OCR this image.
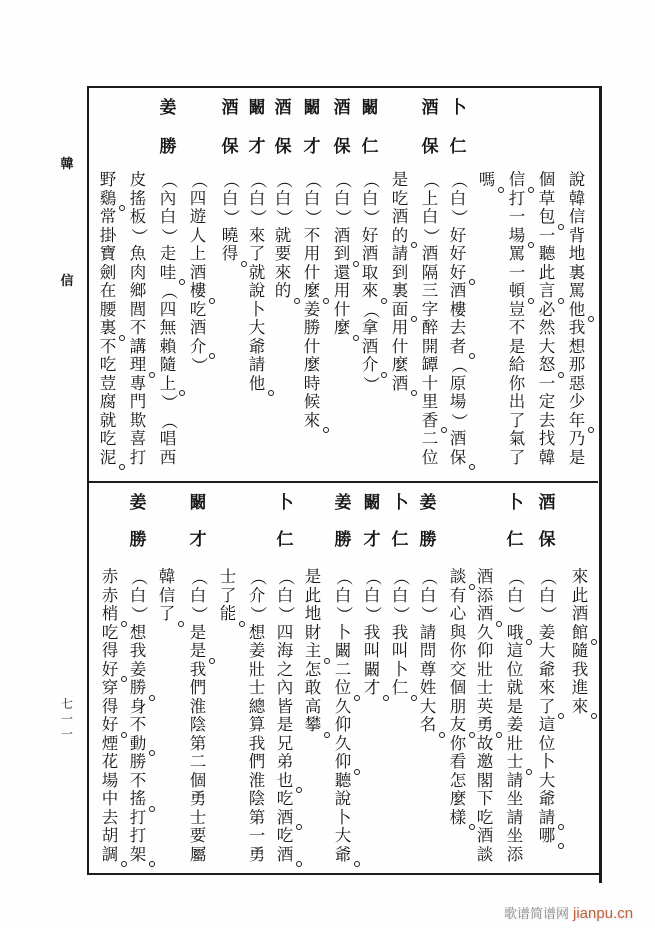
韓
信
七
一
一
說
韓
信
背
地
裏
罵
他
我
想
那
惡
少
年
乃
是
個
草
包
一
聽
此
言
必
然
大
怒
一
定
去
找
韓
信
打
一
場
罵
一
頓
豈
不
是
給
你
出
了
氣
了
嗎
卜
仁
（
白
）
好
好
好
酒
樓
去
者
（
原
場
）
酒
保
酒
保
（
上
白
）
酒
隔
三
字
醉
開
罈
十
里
香
二
位
是
吃
酒
的
請
到
裏
面
用
什
麼
酒
闞
仁
（
白
）
好
酒
取
來
（
拿
酒
介
）
酒
保
（
白
）
酒
到
還
用
什
麼
闞
才
（
白
）
不
用
什
麼
姜
勝
什
麼
時
候
來
酒
保
（
白
）
就
要
來
的
闞
才
（
白
）
來
了
就
說
卜
大
爺
請
他
酒
保
（
白
）
曉
得
（
四
遊
人
上
酒
樓
吃
酒
介
）
姜
勝
（
內
白
）
走
哇
（
四
無
賴
隨
上
）
（
唱
西
皮
搖
板
）
魚
肉
鄉
閭
不
講
理
專
門
欺
喜
打
野
鷄
常
掛
寶
劍
在
腰
裏
不
吃
荳
腐
就
吃
泥
來
此
酒
館
隨
我
進
來
酒
保
（
白
）
姜
大
爺
來
了
這
位
卜
大
爺
請
哪
卜
仁
（
白
）
哦
這
位
就
是
姜
壯
士
請
坐
請
坐
添
酒
添
酒
久
仰
壯
士
英
勇
故
邀
閣
下
吃
酒
談
談
有
心
與
你
交
個
朋
友
你
看
怎
麼
樣
姜
勝
（
白
）
請
問
尊
姓
大
名
卜
仁
（
白
）
我
叫
卜
仁
闞
才
（
白
）
我
叫
闞
才
姜
勝
（
白
）
卜
闞
二
位
久
仰
久
仰
聽
說
卜
大
爺
是
此
地
財
主
怎
敢
高
攀
卜
仁
（
白
）
四
海
之
內
皆
是
兄
弟
也
吃
酒
吃
酒
（
介
）
想
姜
壯
士
總
算
我
們
淮
陰
第
一
勇
士
了
能
闞
才
（
白
）
是
是
我
們
淮
陰
第
二
個
勇
士
要
屬
韓
信
了
姜
勝
（
白
）
想
我
姜
勝
身
不
動
勝
不
搖
打
打
架
赤
赤
梢
吃
得
好
穿
得
好
煙
花
場
中
去
胡
調
歌谱简谱网 jianpu.cn
